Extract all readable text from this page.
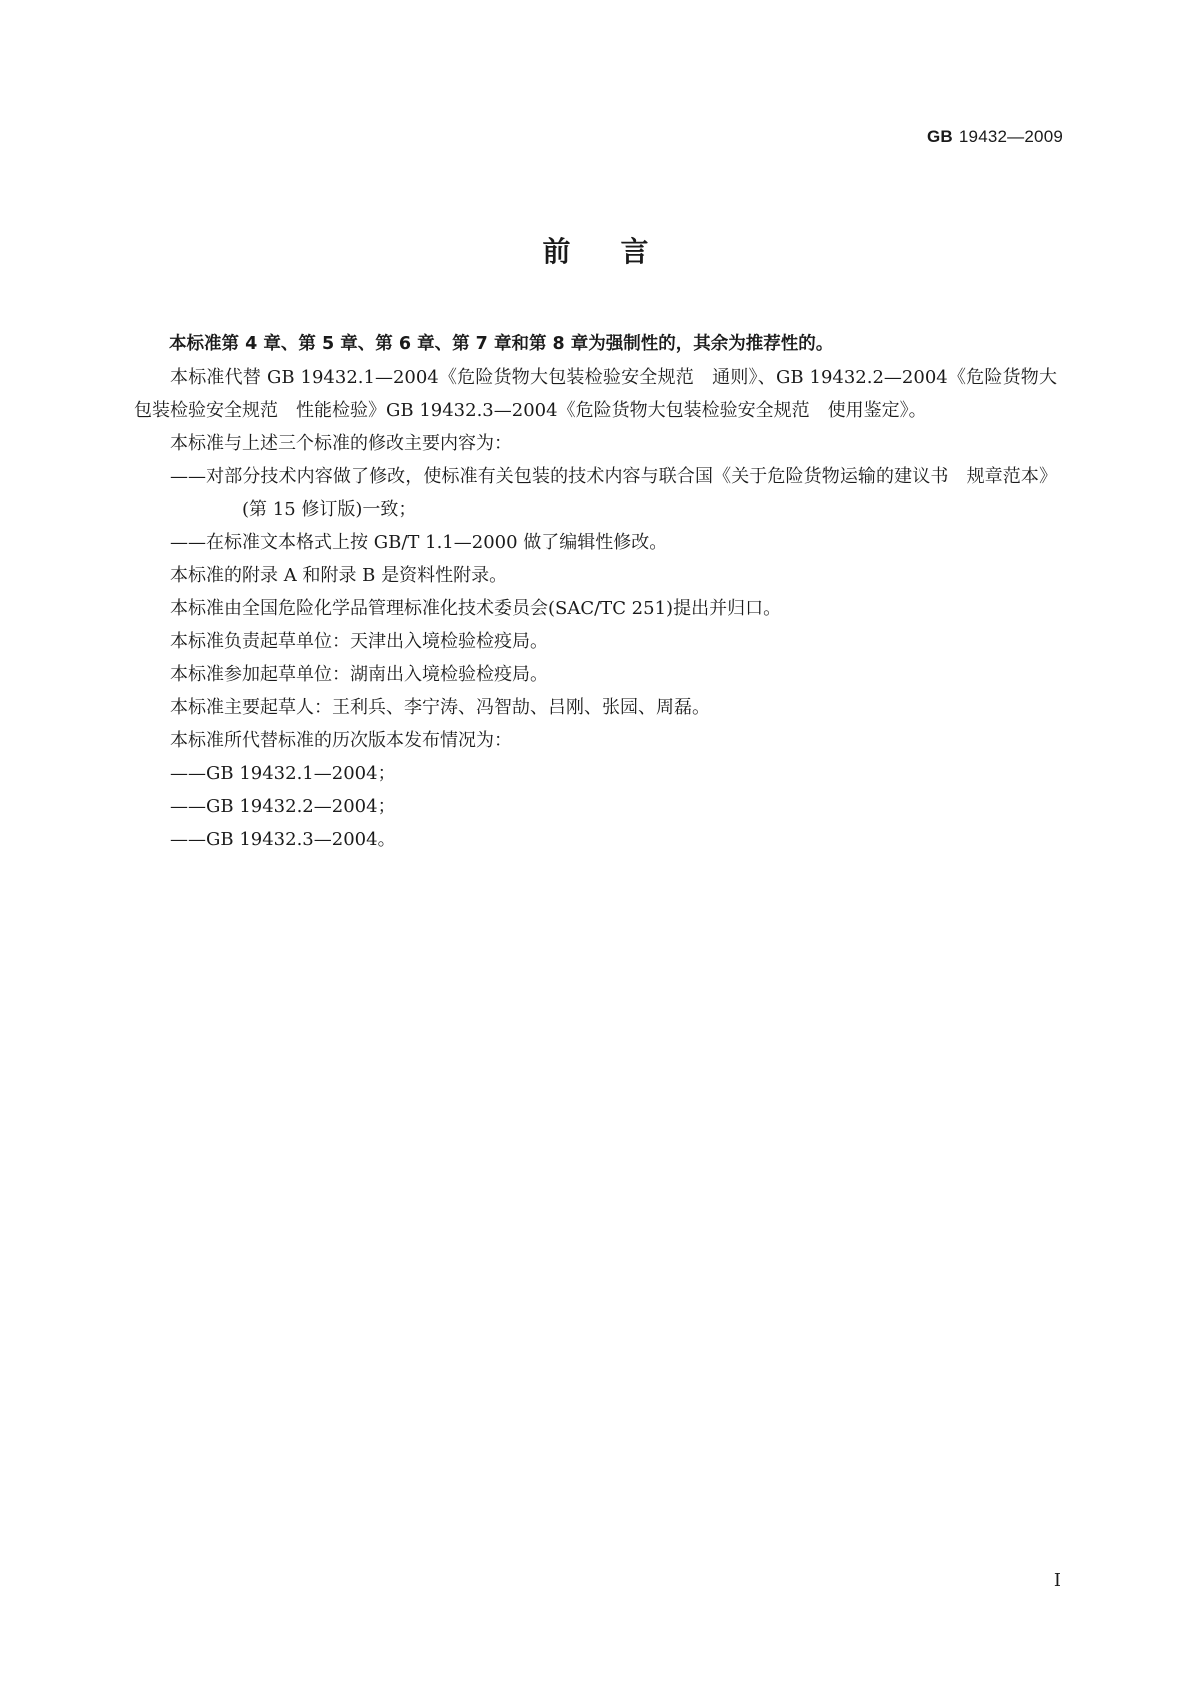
GB 19432—2009
前言

本标准第 4 章、第 5 章、第 6 章、第 7 章和第 8 章为强制性的，其余为推荐性的。

本标准代替 GB 19432.1—2004《危险货物大包装检验安全规范　通则》、GB 19432.2—2004《危险货物大包装检验安全规范　性能检验》GB 19432.3—2004《危险货物大包装检验安全规范　使用鉴定》。

本标准与上述三个标准的修改主要内容为：

——对部分技术内容做了修改，使标准有关包装的技术内容与联合国《关于危险货物运输的建议书　规章范本》(第 15 修订版)一致；

——在标准文本格式上按 GB/T 1.1—2000 做了编辑性修改。

本标准的附录 A 和附录 B 是资料性附录。

本标准由全国危险化学品管理标准化技术委员会(SAC/TC 251)提出并归口。

本标准负责起草单位：天津出入境检验检疫局。

本标准参加起草单位：湖南出入境检验检疫局。

本标准主要起草人：王利兵、李宁涛、冯智劼、吕刚、张园、周磊。

本标准所代替标准的历次版本发布情况为：

——GB 19432.1—2004；

——GB 19432.2—2004；

——GB 19432.3—2004。

I
